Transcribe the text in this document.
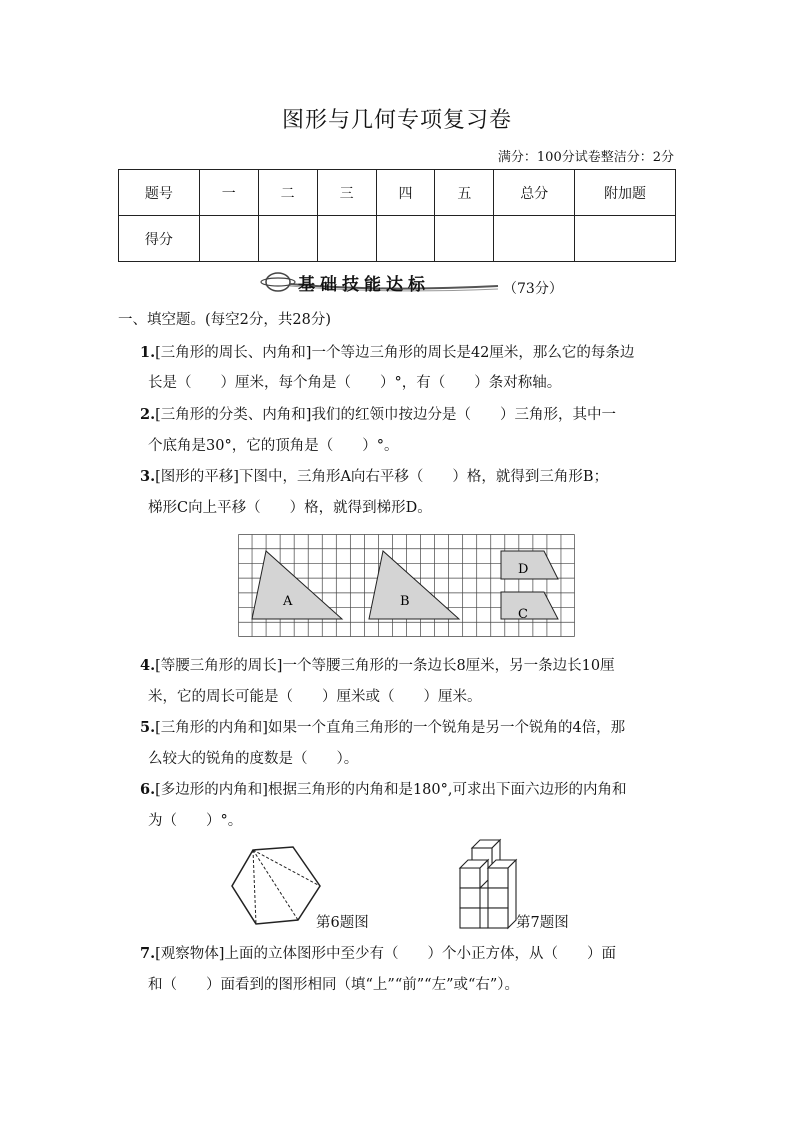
图形与几何专项复习卷
满分：100分试卷整洁分：2分
题号	一	二	三	四	五	总分	附加题
得分							
基础技能达标	（73分）
一、填空题。(每空2分，共28分)
1.[三角形的周长、内角和]一个等边三角形的周长是42厘米，那么它的每条边
长是（　　）厘米，每个角是（　　）°，有（　　）条对称轴。
2.[三角形的分类、内角和]我们的红领巾按边分是（　　）三角形，其中一
个底角是30°，它的顶角是（　　）°。
3.[图形的平移]下图中，三角形A向右平移（　　）格，就得到三角形B；
梯形C向上平移（　　）格，就得到梯形D。
A	B
D
C
4.[等腰三角形的周长]一个等腰三角形的一条边长8厘米，另一条边长10厘
米，它的周长可能是（　　）厘米或（　　）厘米。
5.[三角形的内角和]如果一个直角三角形的一个锐角是另一个锐角的4倍，那
么较大的锐角的度数是（　　）。
6.[多边形的内角和]根据三角形的内角和是180°,可求出下面六边形的内角和
为（　　）°。
第6题图	第7题图
7.[观察物体]上面的立体图形中至少有（　　）个小正方体，从（　　）面
和（　　）面看到的图形相同（填“上”“前”“左”或“右”）。
